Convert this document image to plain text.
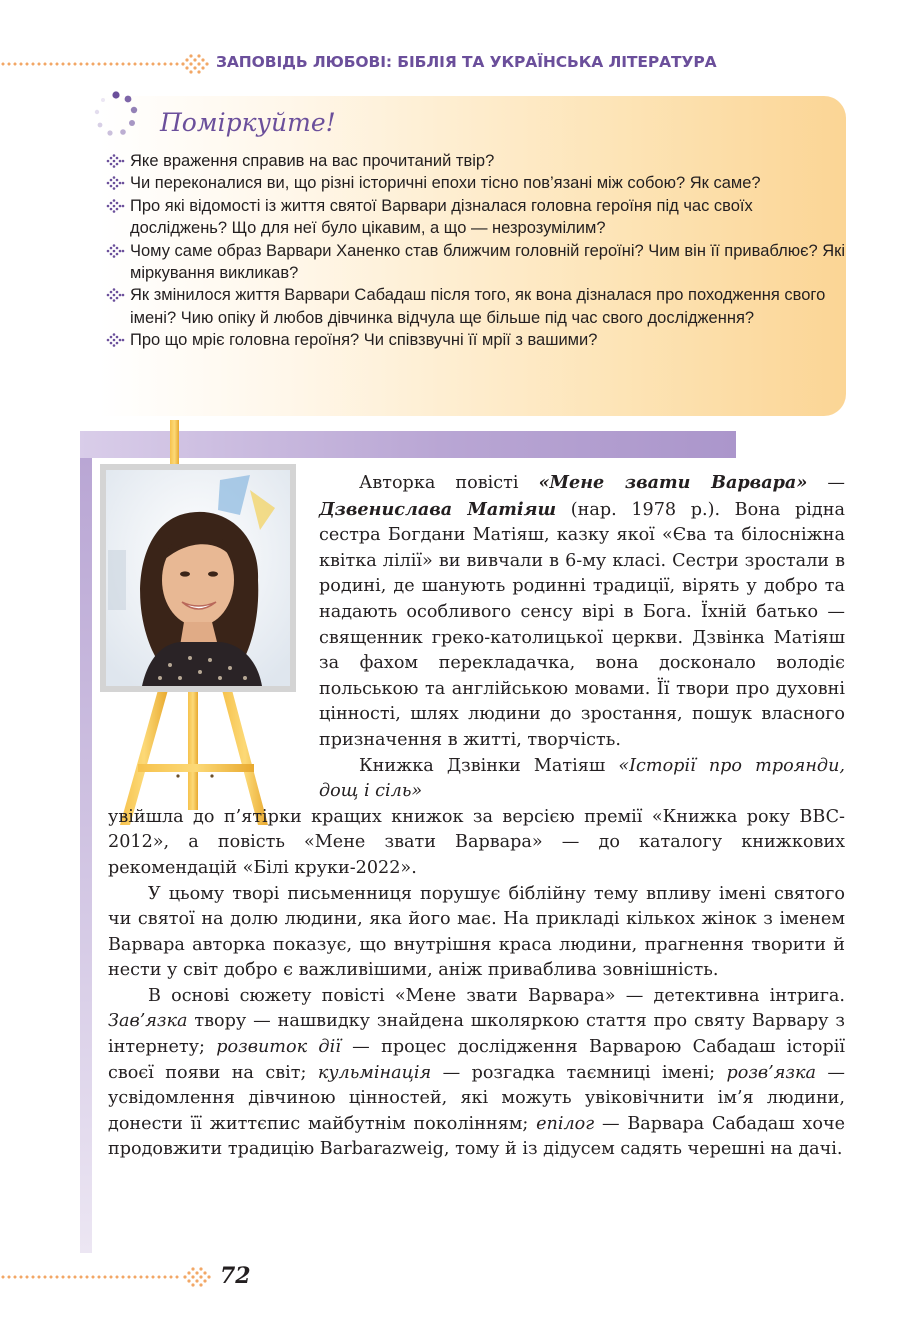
ЗАПОВІДЬ ЛЮБОВІ: БІБЛІЯ ТА УКРАЇНСЬКА ЛІТЕРАТУРА
Поміркуйте!
Яке враження справив на вас прочитаний твір?
Чи переконалися ви, що різні історичні епохи тісно пов’язані між собою? Як саме?
Про які відомості із життя святої Варвари дізналася головна героїня під час своїх досліджень? Що для неї було цікавим, а що — незрозумілим?
Чому саме образ Варвари Ханенко став ближчим головній героїні? Чим він її приваблює? Які міркування викликав?
Як змінилося життя Варвари Сабадаш після того, як вона дізналася про походження свого імені? Чию опіку й любов дівчинка відчула ще більше під час свого дослідження?
Про що мріє головна героїня? Чи співзвучні її мрії з вашими?

Авторка повісті «Мене звати Варвара» — Дзвенислава Матіяш (нар. 1978 р.). Вона рідна сестра Богдани Матіяш, казку якої «Єва та білосніжна квітка лілії» ви вивчали в 6-му класі. Сестри зростали в родині, де шанують родинні традиції, вірять у добро та надають особливого сенсу вірі в Бога. Їхній батько — священник греко-католицької церкви. Дзвінка Матіяш за фахом перекладачка, вона досконало володіє польською та англійською мовами. Її твори про духовні цінності, шлях людини до зростання, пошук власного призначення в житті, творчість.

Книжка Дзвінки Матіяш «Історії про троянди, дощ і сіль»

увійшла до п’ятірки кращих книжок за версією премії «Книжка року BBC-2012», а повість «Мене звати Варвара» — до каталогу книжкових рекомендацій «Білі круки-2022».

У цьому творі письменниця порушує біблійну тему впливу імені святого чи святої на долю людини, яка його має. На прикладі кількох жінок з іменем Варвара авторка показує, що внутрішня краса людини, прагнення творити й нести у світ добро є важливішими, аніж приваблива зовнішність.

В основі сюжету повісті «Мене звати Варвара» — детективна інтрига. Зав’язка твору — нашвидку знайдена школяркою стаття про святу Варвару з інтернету; розвиток дії — процес дослідження Варварою Сабадаш історії своєї появи на світ; кульмінація — розгадка таємниці імені; розв’язка — усвідомлення дівчиною цінностей, які можуть увіковічнити ім’я людини, донести її життєпис майбутнім поколінням; епілог — Варвара Сабадаш хоче продовжити традицію Barbarazweig, тому й із дідусем садять черешні на дачі.

72
